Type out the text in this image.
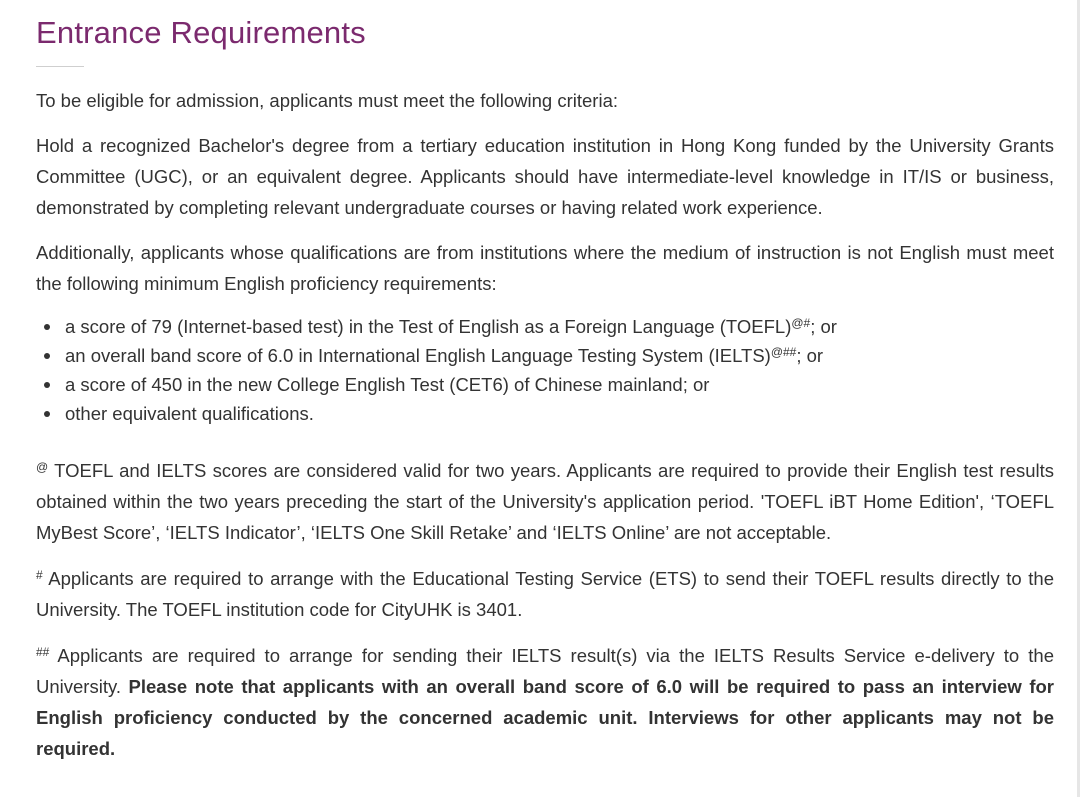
Entrance Requirements

To be eligible for admission, applicants must meet the following criteria:

Hold a recognized Bachelor's degree from a tertiary education institution in Hong Kong funded by the University Grants Committee (UGC), or an equivalent degree. Applicants should have intermediate-level knowledge in IT/IS or business, demonstrated by completing relevant undergraduate courses or having related work experience.

Additionally, applicants whose qualifications are from institutions where the medium of instruction is not English must meet the following minimum English proficiency requirements:

a score of 79 (Internet-based test) in the Test of English as a Foreign Language (TOEFL)@#; or
an overall band score of 6.0 in International English Language Testing System (IELTS)@##; or
a score of 450 in the new College English Test (CET6) of Chinese mainland; or
other equivalent qualifications.

@ TOEFL and IELTS scores are considered valid for two years. Applicants are required to provide their English test results obtained within the two years preceding the start of the University's application period. 'TOEFL iBT Home Edition', ‘TOEFL MyBest Score’, ‘IELTS Indicator’, ‘IELTS One Skill Retake’ and ‘IELTS Online’ are not acceptable.

# Applicants are required to arrange with the Educational Testing Service (ETS) to send their TOEFL results directly to the University. The TOEFL institution code for CityUHK is 3401.

## Applicants are required to arrange for sending their IELTS result(s) via the IELTS Results Service e-delivery to the University. Please note that applicants with an overall band score of 6.0 will be required to pass an interview for English proficiency conducted by the concerned academic unit. Interviews for other applicants may not be required.
